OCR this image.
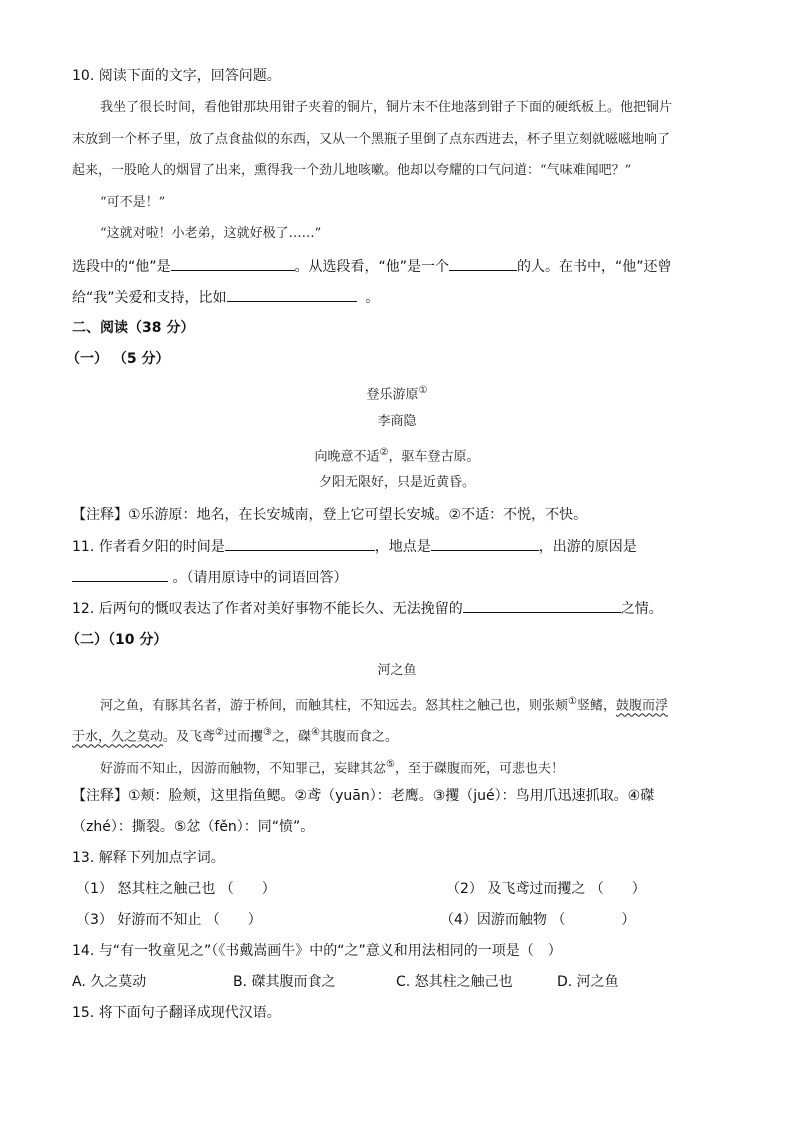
10. 阅读下面的文字，回答问题。
我坐了很长时间，看他钳那块用钳子夹着的铜片，铜片末不住地落到钳子下面的硬纸板上。他把铜片
末放到一个杯子里，放了点食盐似的东西，又从一个黑瓶子里倒了点东西进去，杯子里立刻就嗞嗞地响了
起来，一股呛人的烟冒了出来，熏得我一个劲儿地咳嗽。他却以夸耀的口气问道：“气味难闻吧？”
“可不是！”
“这就对啦！小老弟，这就好极了……”
选段中的“他”是	。从选段看，“他”是一个	的人。在书中，“他”还曾
给“我”关爱和支持，比如	。
二、阅读（38 分）
（一） （5 分）
登乐游原①
李商隐
向晚意不适②，驱车登古原。
夕阳无限好，只是近黄昏。
【注释】①乐游原：地名，在长安城南，登上它可望长安城。②不适：不悦，不快。
11. 作者看夕阳的时间是	，地点是	，出游的原因是
。（请用原诗中的词语回答）
12. 后两句的慨叹表达了作者对美好事物不能长久、无法挽留的	之情。
（二）（10 分）
河之鱼
河之鱼，有豚其名者，游于桥间，而触其柱，不知远去。怒其柱之触己也，则张颊①竖鳍，鼓腹而浮
于水，久之莫动。及飞鸢②过而攫③之，磔④其腹而食之。
好游而不知止，因游而触物，不知罪己，妄肆其忿⑤，至于磔腹而死，可悲也夫！
【注释】①颊：脸颊，这里指鱼鳃。②鸢（yuān）：老鹰。③攫（jué）：鸟用爪迅速抓取。④磔
（zhé）：撕裂。⑤忿（fěn）：同“愤”。
13. 解释下列加点字词。
（1） 怒其柱之触己也 （　　）	（2） 及飞鸢过而攫之 （　　）
（3） 好游而不知止 （　　）	（4）因游而触物 （　　　　）
14. 与“有一牧童见之”（《书戴嵩画牛》中的“之”意义和用法相同的一项是（　）
A. 久之莫动	B. 磔其腹而食之	C. 怒其柱之触己也	D. 河之鱼
15. 将下面句子翻译成现代汉语。
